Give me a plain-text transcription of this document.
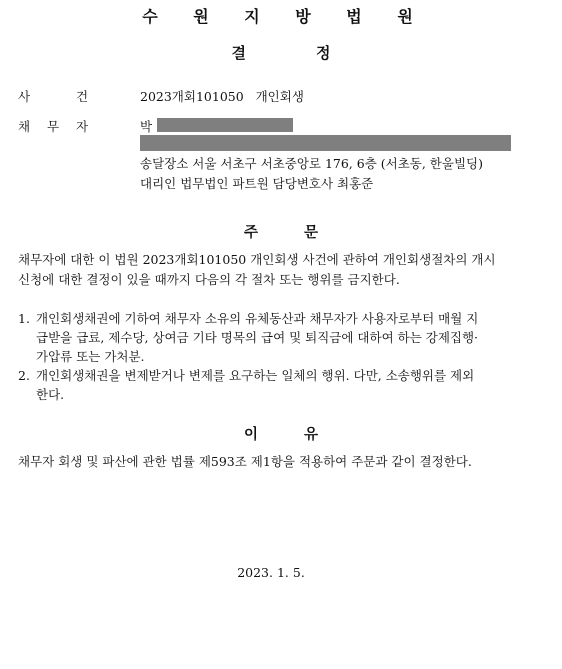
수 원 지 방 법 원
결	정
사	건	2023개회101050 개인회생
채 무 자	박
송달장소 서울 서초구 서초중앙로 176, 6층 (서초동, 한울빌딩)
대리인 법무법인 파트원 담당변호사 최홍준
주	문
채무자에 대한 이 법원 2023개회101050 개인회생 사건에 관하여 개인회생절차의 개시
신청에 대한 결정이 있을 때까지 다음의 각 절차 또는 행위를 금지한다.
1. 개인회생채권에 기하여 채무자 소유의 유체동산과 채무자가 사용자로부터 매월 지
급받을 급료, 제수당, 상여금 기타 명목의 급여 및 퇴직금에 대하여 하는 강제집행·
가압류 또는 가처분.
2. 개인회생채권을 변제받거나 변제를 요구하는 일체의 행위. 다만, 소송행위를 제외
한다.
이	유
채무자 회생 및 파산에 관한 법률 제593조 제1항을 적용하여 주문과 같이 결정한다.
2023. 1. 5.
